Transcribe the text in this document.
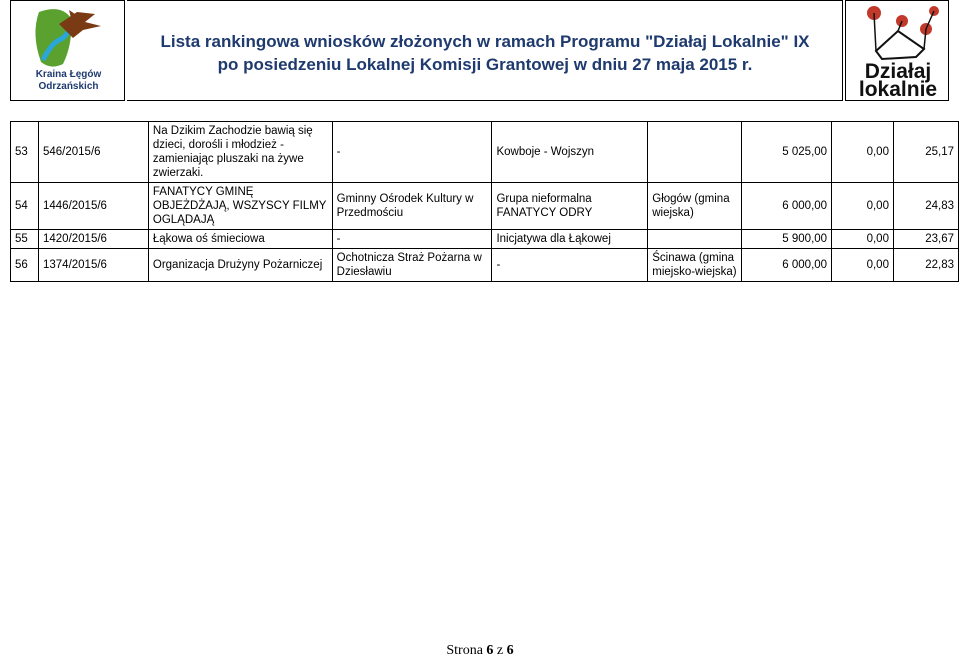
Kraina Łęgów
Odrzańskich
Lista rankingowa wniosków złożonych w ramach Programu "Działaj Lokalnie" IX
po posiedzeniu Lokalnej Komisji Grantowej w dniu 27 maja 2015 r.	Działaj
lokalnie
53	546/2015/6	Na Dzikim Zachodzie bawią się dzieci, dorośli i młodzież - zamieniając pluszaki na żywe zwierzaki.	-	Kowboje - Wojszyn		5 025,00	0,00	25,17
54	1446/2015/6	FANATYCY GMINĘ OBJEŻDŻAJĄ, WSZYSCY FILMY OGLĄDAJĄ	Gminny Ośrodek Kultury w Przedmościu	Grupa nieformalna FANATYCY ODRY	Głogów (gmina wiejska)	6 000,00	0,00	24,83
55	1420/2015/6	Łąkowa oś śmieciowa	-	Inicjatywa dla Łąkowej		5 900,00	0,00	23,67
56	1374/2015/6	Organizacja Drużyny Pożarniczej	Ochotnicza Straż Pożarna w Dziesławiu	-	Ścinawa (gmina miejsko-wiejska)	6 000,00	0,00	22,83
Strona 6 z 6
